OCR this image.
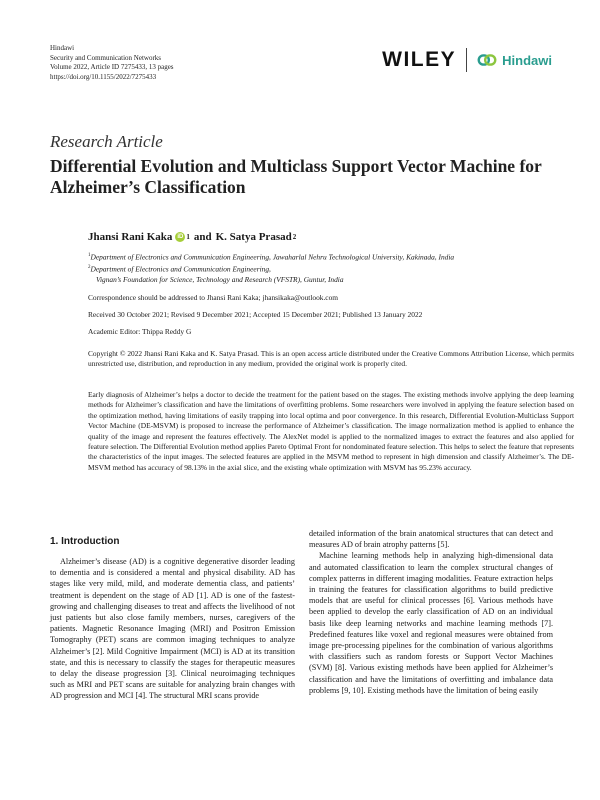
Hindawi
Security and Communication Networks
Volume 2022, Article ID 7275433, 13 pages
https://doi.org/10.1155/2022/7275433
WILEY	Hindawi
Research Article
Differential Evolution and Multiclass Support Vector Machine for Alzheimer’s Classification
Jhansi Rani Kaka iD 1 and K. Satya Prasad 2
$^1$Department of Electronics and Communication Engineering, Jawaharlal Nehru Technological University, Kakinada, India
$^2$Department of Electronics and Communication Engineering,
Vignan’s Foundation for Science, Technology and Research (VFSTR), Guntur, India
Correspondence should be addressed to Jhansi Rani Kaka; jhansikaka@outlook.com
Received 30 October 2021; Revised 9 December 2021; Accepted 15 December 2021; Published 13 January 2022
Academic Editor: Thippa Reddy G
Copyright © 2022 Jhansi Rani Kaka and K. Satya Prasad. This is an open access article distributed under the Creative Commons Attribution License, which permits unrestricted use, distribution, and reproduction in any medium, provided the original work is properly cited.
Early diagnosis of Alzheimer’s helps a doctor to decide the treatment for the patient based on the stages. The existing methods involve applying the deep learning methods for Alzheimer’s classification and have the limitations of overfitting problems. Some researchers were involved in applying the feature selection based on the optimization method, having limitations of easily trapping into local optima and poor convergence. In this research, Differential Evolution-Multiclass Support Vector Machine (DE-MSVM) is proposed to increase the performance of Alzheimer’s classification. The image normalization method is applied to enhance the quality of the image and represent the features effectively. The AlexNet model is applied to the normalized images to extract the features and also applied for feature selection. The Differential Evolution method applies Pareto Optimal Front for nondominated feature selection. This helps to select the feature that represents the characteristics of the input images. The selected features are applied in the MSVM method to represent in high dimension and classify Alzheimer’s. The DE-MSVM method has accuracy of 98.13% in the axial slice, and the existing whale optimization with MSVM has 95.23% accuracy.
1. Introduction

Alzheimer’s disease (AD) is a cognitive degenerative disorder leading to dementia and is considered a mental and physical disability. AD has stages like very mild, mild, and moderate dementia class, and patients’ treatment is dependent on the stage of AD [1]. AD is one of the fastest-growing and challenging diseases to treat and affects the livelihood of not just patients but also close family members, nurses, caregivers of the patients. Magnetic Resonance Imaging (MRI) and Positron Emission Tomography (PET) scans are common imaging techniques to analyze Alzheimer’s [2]. Mild Cognitive Impairment (MCI) is AD at its transition state, and this is necessary to classify the stages for therapeutic measures to delay the disease progression [3]. Clinical neuroimaging techniques such as MRI and PET scans are suitable for analyzing brain changes with AD progression and MCI [4]. The structural MRI scans provide

detailed information of the brain anatomical structures that can detect and measures AD of brain atrophy patterns [5].

Machine learning methods help in analyzing high-dimensional data and automated classification to learn the complex structural changes of complex patterns in different imaging modalities. Feature extraction helps in training the features for classification algorithms to build predictive models that are useful for clinical processes [6]. Various methods have been applied to develop the early classification of AD on an individual basis like deep learning networks and machine learning methods [7]. Predefined features like voxel and regional measures were obtained from image pre-processing pipelines for the combination of various algorithms with classifiers such as random forests or Support Vector Machines (SVM) [8]. Various existing methods have been applied for Alzheimer’s classification and have the limitations of overfitting and imbalance data problems [9, 10]. Existing methods have the limitation of being easily
